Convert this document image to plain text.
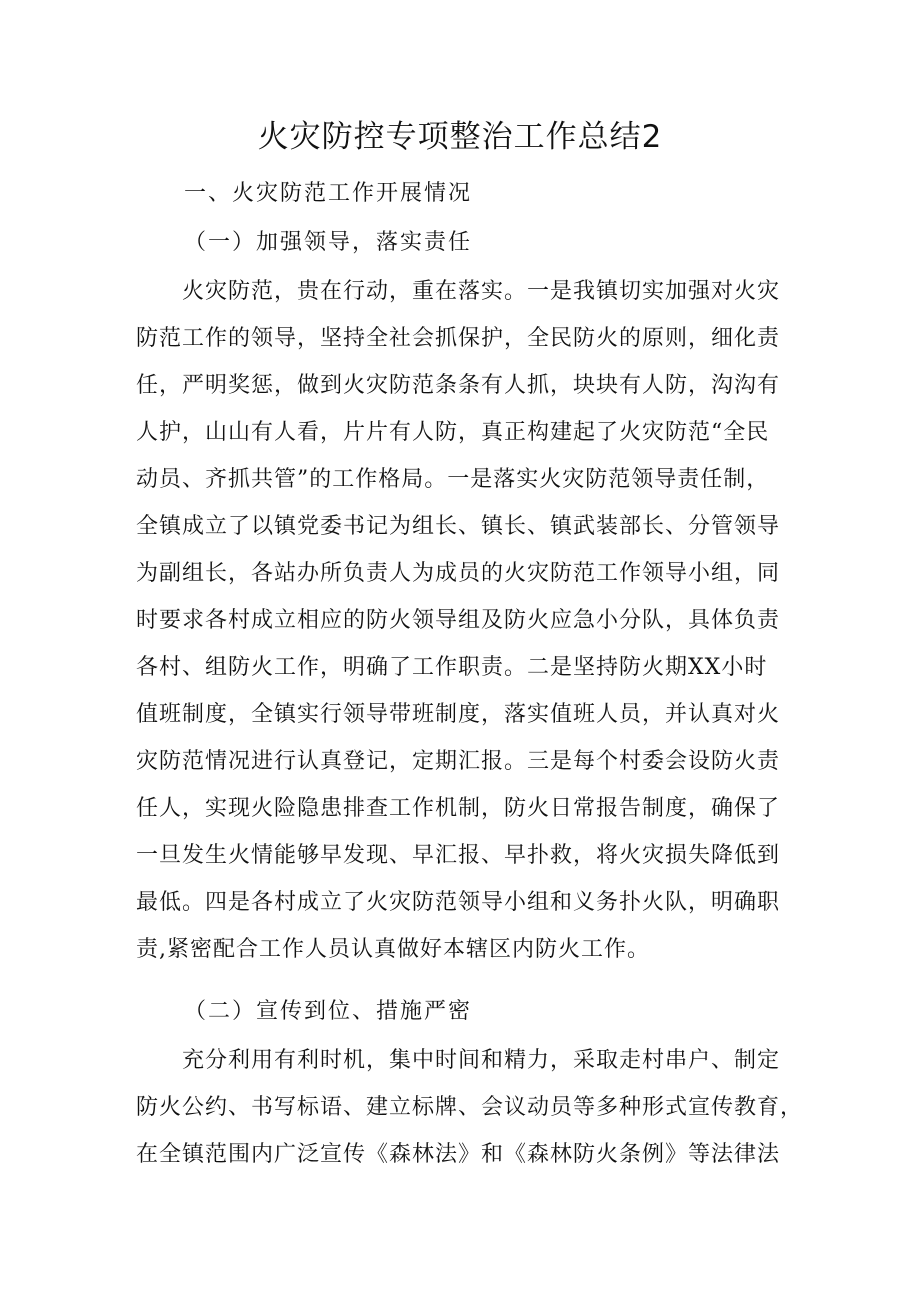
火灾防控专项整治工作总结2
一、火灾防范工作开展情况
（一）加强领导，落实责任
火灾防范，贵在行动，重在落实。一是我镇切实加强对火灾
防范工作的领导，坚持全社会抓保护，全民防火的原则，细化责
任，严明奖惩，做到火灾防范条条有人抓，块块有人防，沟沟有
人护，山山有人看，片片有人防，真正构建起了火灾防范“全民
动员、齐抓共管”的工作格局。一是落实火灾防范领导责任制，
全镇成立了以镇党委书记为组长、镇长、镇武装部长、分管领导
为副组长，各站办所负责人为成员的火灾防范工作领导小组，同
时要求各村成立相应的防火领导组及防火应急小分队，具体负责
各村、组防火工作，明确了工作职责。二是坚持防火期XX小时
值班制度，全镇实行领导带班制度，落实值班人员，并认真对火
灾防范情况进行认真登记，定期汇报。三是每个村委会设防火责
任人，实现火险隐患排查工作机制，防火日常报告制度，确保了
一旦发生火情能够早发现、早汇报、早扑救，将火灾损失降低到
最低。四是各村成立了火灾防范领导小组和义务扑火队，明确职
责,紧密配合工作人员认真做好本辖区内防火工作。
（二）宣传到位、措施严密
充分利用有利时机，集中时间和精力，采取走村串户、制定
防火公约、书写标语、建立标牌、会议动员等多种形式宣传教育，
在全镇范围内广泛宣传《森林法》和《森林防火条例》等法律法
